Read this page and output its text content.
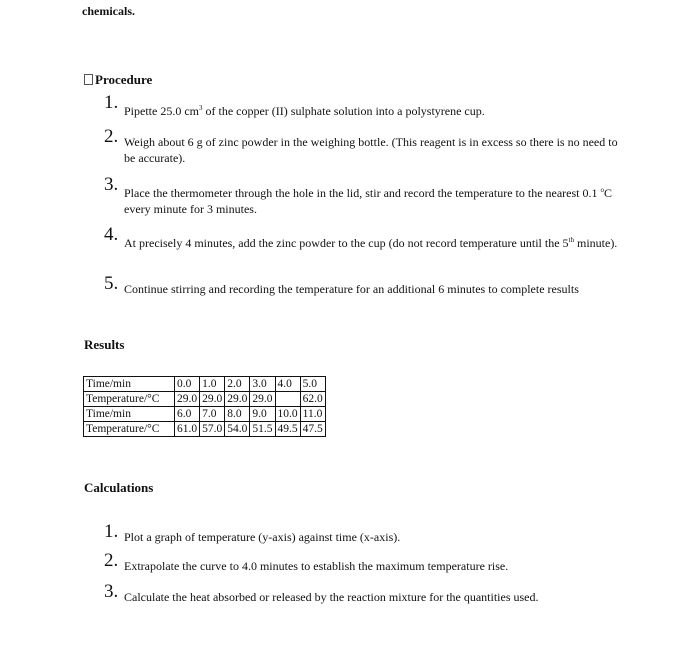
chemicals.
Procedure
1. Pipette 25.0 $cm^3$ of the copper (II) sulphate solution into a polystyrene cup.
2. Weigh about 6 g of zinc powder in the weighing bottle. (This reagent is in excess so there is no need to be accurate).
3. Place the thermometer through the hole in the lid, stir and record the temperature to the nearest 0.1 $^o$C every minute for 3 minutes.
4. At precisely 4 minutes, add the zinc powder to the cup (do not record temperature until the 5th minute).
5. Continue stirring and recording the temperature for an additional 6 minutes to complete results
Results
Time/min	0.0	1.0	2.0	3.0	4.0	5.0
Temperature/°C	29.0	29.0	29.0	29.0		62.0
Time/min	6.0	7.0	8.0	9.0	10.0	11.0
Temperature/°C	61.0	57.0	54.0	51.5	49.5	47.5
Calculations
1. Plot a graph of temperature (y-axis) against time (x-axis).
2. Extrapolate the curve to 4.0 minutes to establish the maximum temperature rise.
3. Calculate the heat absorbed or released by the reaction mixture for the quantities used.
